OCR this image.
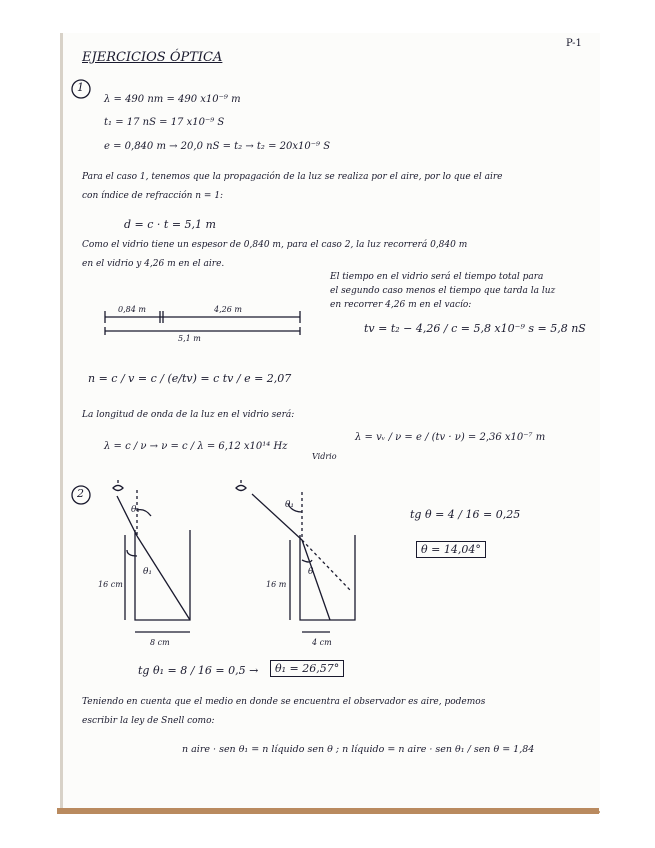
EJERCICIOS ÓPTICA
P-1
1
λ = 490 nm = 490 x10⁻⁹ m
t₁ = 17 nS = 17 x10⁻⁹ S
e = 0,840 m → 20,0 nS = t₂ → t₂ = 20x10⁻⁹ S
Para el caso 1, tenemos que la propagación de la luz se realiza por el aire, por lo que el aire
con índice de refracción n = 1:
d = c · t = 5,1 m
Como el vidrio tiene un espesor de 0,840 m, para el caso 2, la luz recorrerá 0,840 m
en el vidrio y 4,26 m en el aire.
El tiempo en el vidrio será el tiempo total para
el segundo caso menos el tiempo que tarda la luz
en recorrer 4,26 m en el vacío:
0,84 m	4,26 m
5,1 m
tv = t₂ − 4,26 / c = 5,8 x10⁻⁹ s = 5,8 nS
n = c / v = c / (e/tv) = c tv / e = 2,07
La longitud de onda de la luz en el vidrio será:
λ = c / ν → ν = c / λ = 6,12 x10¹⁴ Hz
Vidrio
λ = vᵥ / ν = e / (tv · ν) = 2,36 x10⁻⁷ m
2
θ₁
θ₁
16 cm
8 cm
θ₁
θ
16 m
4 cm
tg θ = 4 / 16 = 0,25
θ = 14,04°
tg θ₁ = 8 / 16 = 0,5 →	θ₁ = 26,57°
Teniendo en cuenta que el medio en donde se encuentra el observador es aire, podemos
escribir la ley de Snell como:
n aire · sen θ₁ = n líquido sen θ ; n líquido = n aire · sen θ₁ / sen θ = 1,84
